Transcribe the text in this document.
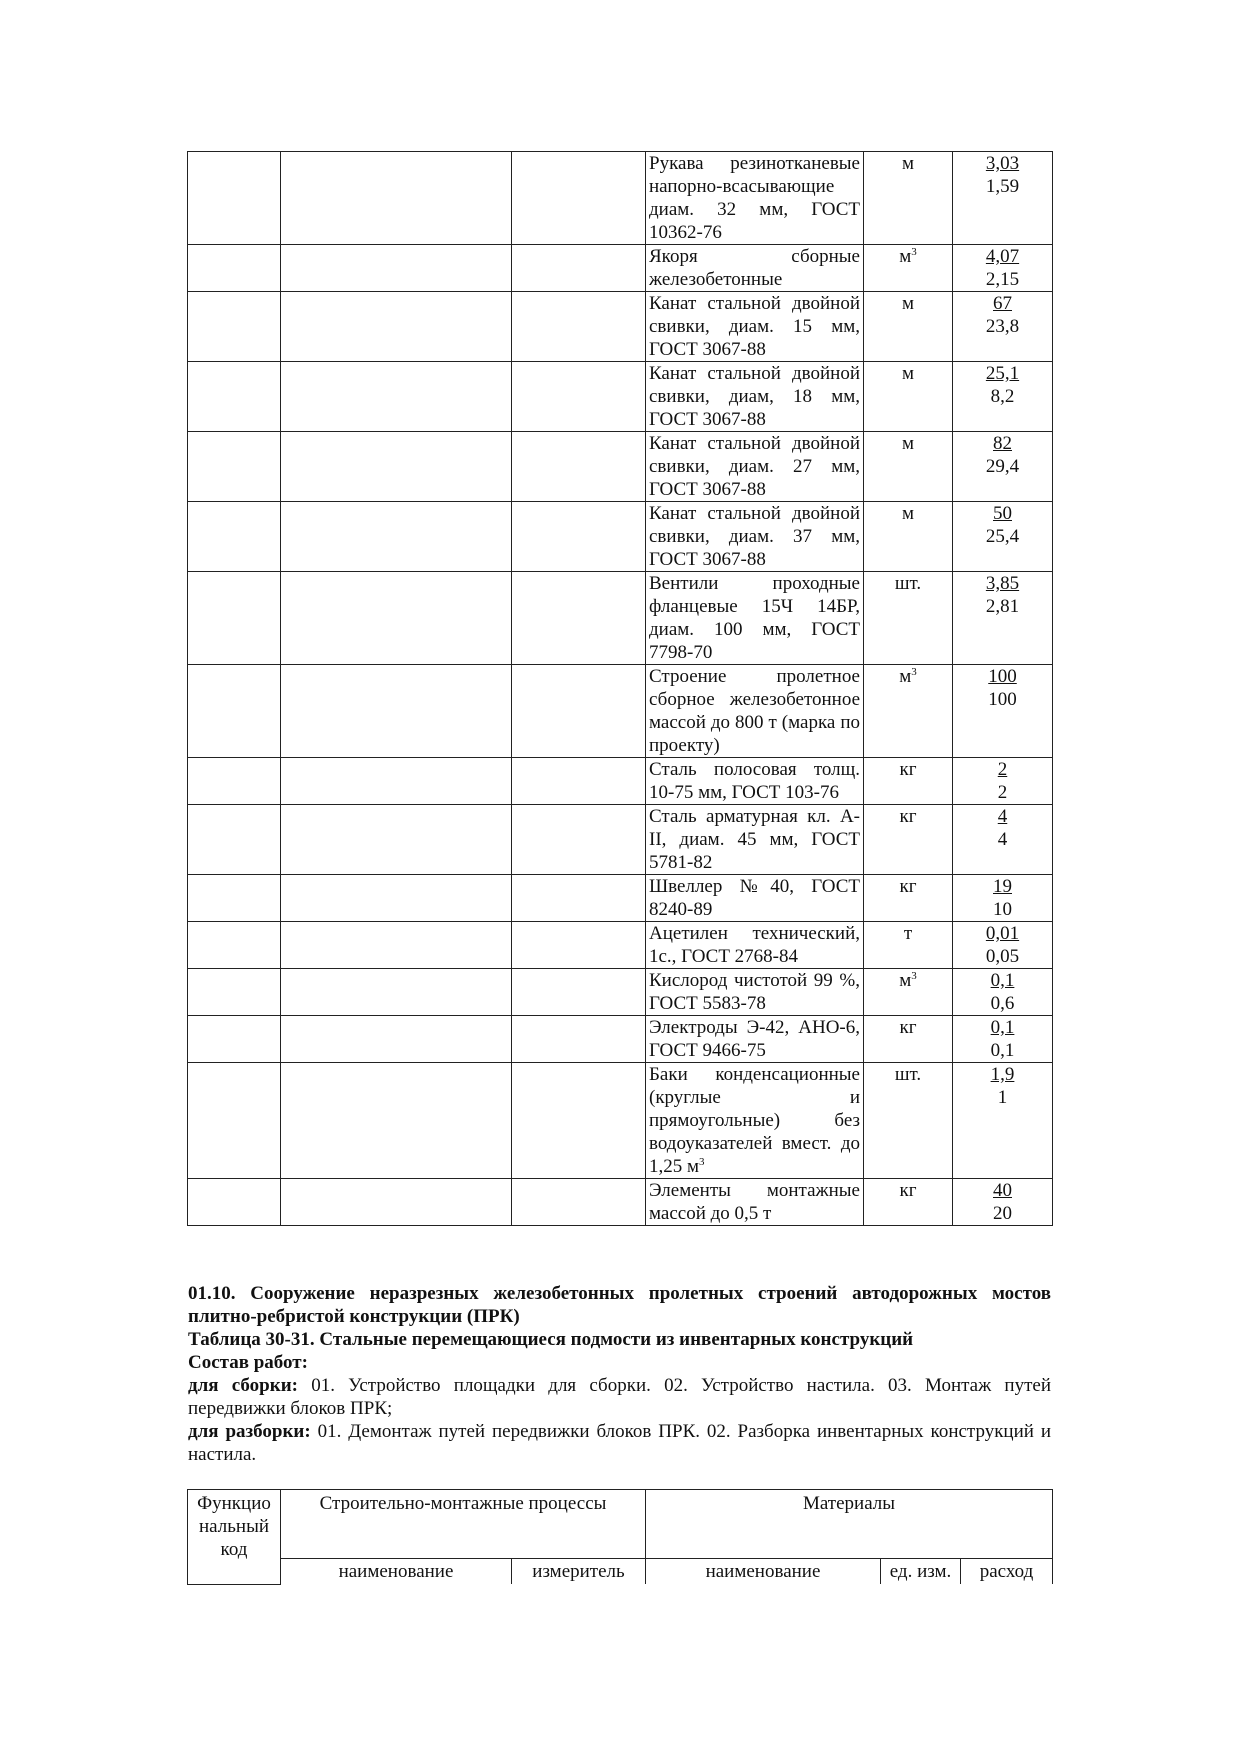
			Рукава резинотканевые напорно-всасывающие диам. 32 мм, ГОСТ 10362-76	м	3,03
1,59

			Якоря сборные железобетонные	$м^3$	4,07
2,15

			Канат стальной двойной свивки, диам. 15 мм, ГОСТ 3067-88	м	67
23,8

			Канат стальной двойной свивки, диам, 18 мм, ГОСТ 3067-88	м	25,1
8,2

			Канат стальной двойной свивки, диам. 27 мм, ГОСТ 3067-88	м	82
29,4

			Канат стальной двойной свивки, диам. 37 мм, ГОСТ 3067-88	м	50
25,4

			Вентили проходные фланцевые 15Ч 14БР, диам. 100 мм, ГОСТ 7798-70	шт.	3,85
2,81

			Строение пролетное сборное железобетонное массой до 800 т (марка по проекту)	$м^3$	100
100

			Сталь полосовая толщ. 10-75 мм, ГОСТ 103-76	кг	2
2

			Сталь арматурная кл. А-II, диам. 45 мм, ГОСТ 5781-82	кг	4
4

			Швеллер №40, ГОСТ 8240-89	кг	19
10

			Ацетилен технический, 1с., ГОСТ 2768-84	т	0,01
0,05

			Кислород чистотой 99 %, ГОСТ 5583-78	$м^3$	0,1
0,6

			Электроды Э-42, АНО-6, ГОСТ 9466-75	кг	0,1
0,1

			Баки конденсационные (круглые и прямоугольные) без водоуказателей вмест. до 1,25 $м^3$	шт.	1,9
1

			Элементы монтажные массой до 0,5 т	кг	40
20

01.10. Сооружение неразрезных железобетонных пролетных строений автодорожных мостов плитно-ребристой конструкции (ПРК)

Таблица 30-31. Стальные перемещающиеся подмости из инвентарных конструкций

Состав работ:

для сборки: 01. Устройство площадки для сборки. 02. Устройство настила. 03. Монтаж путей передвижки блоков ПРК;

для разборки: 01. Демонтаж путей передвижки блоков ПРК. 02. Разборка инвентарных конструкций и настила.

Функцио нальный код	Строительно-монтажные процессы		Материалы		
	наименование	измеритель	наименование	ед. изм.	расход
